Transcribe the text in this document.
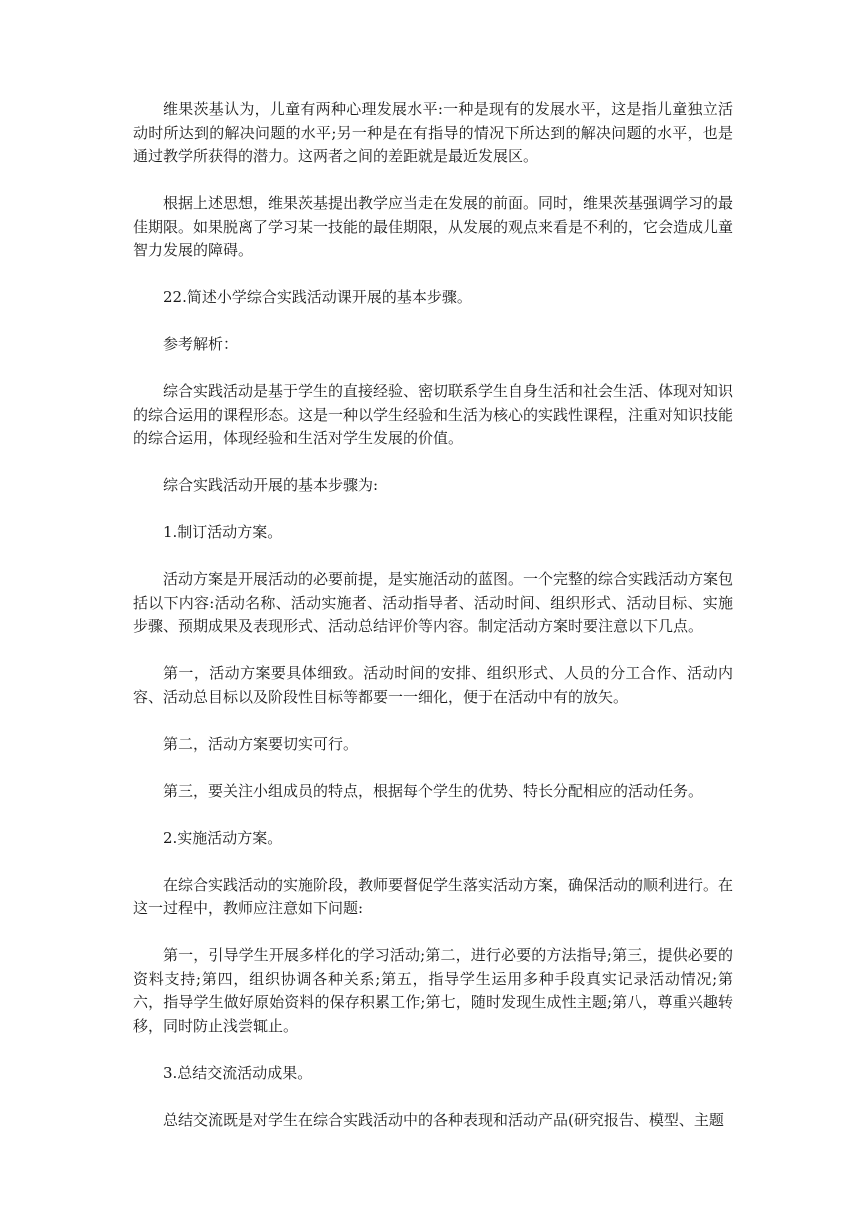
维果茨基认为，儿童有两种心理发展水平:一种是现有的发展水平，这是指儿童独立活动时所达到的解决问题的水平;另一种是在有指导的情况下所达到的解决问题的水平，也是通过教学所获得的潜力。这两者之间的差距就是最近发展区。

根据上述思想，维果茨基提出教学应当走在发展的前面。同时，维果茨基强调学习的最佳期限。如果脱离了学习某一技能的最佳期限，从发展的观点来看是不利的，它会造成儿童智力发展的障碍。

22.简述小学综合实践活动课开展的基本步骤。

参考解析：

综合实践活动是基于学生的直接经验、密切联系学生自身生活和社会生活、体现对知识的综合运用的课程形态。这是一种以学生经验和生活为核心的实践性课程，注重对知识技能的综合运用，体现经验和生活对学生发展的价值。

综合实践活动开展的基本步骤为:

1.制订活动方案。

活动方案是开展活动的必要前提，是实施活动的蓝图。一个完整的综合实践活动方案包括以下内容:活动名称、活动实施者、活动指导者、活动时间、组织形式、活动目标、实施步骤、预期成果及表现形式、活动总结评价等内容。制定活动方案时要注意以下几点。

第一，活动方案要具体细致。活动时间的安排、组织形式、人员的分工合作、活动内容、活动总目标以及阶段性目标等都要一一细化，便于在活动中有的放矢。

第二，活动方案要切实可行。

第三，要关注小组成员的特点，根据每个学生的优势、特长分配相应的活动任务。

2.实施活动方案。

在综合实践活动的实施阶段，教师要督促学生落实活动方案，确保活动的顺利进行。在这一过程中，教师应注意如下问题:

第一，引导学生开展多样化的学习活动;第二，进行必要的方法指导;第三，提供必要的资料支持;第四，组织协调各种关系;第五，指导学生运用多种手段真实记录活动情况;第六，指导学生做好原始资料的保存积累工作;第七，随时发现生成性主题;第八，尊重兴趣转移，同时防止浅尝辄止。

3.总结交流活动成果。

总结交流既是对学生在综合实践活动中的各种表现和活动产品(研究报告、模型、主题
